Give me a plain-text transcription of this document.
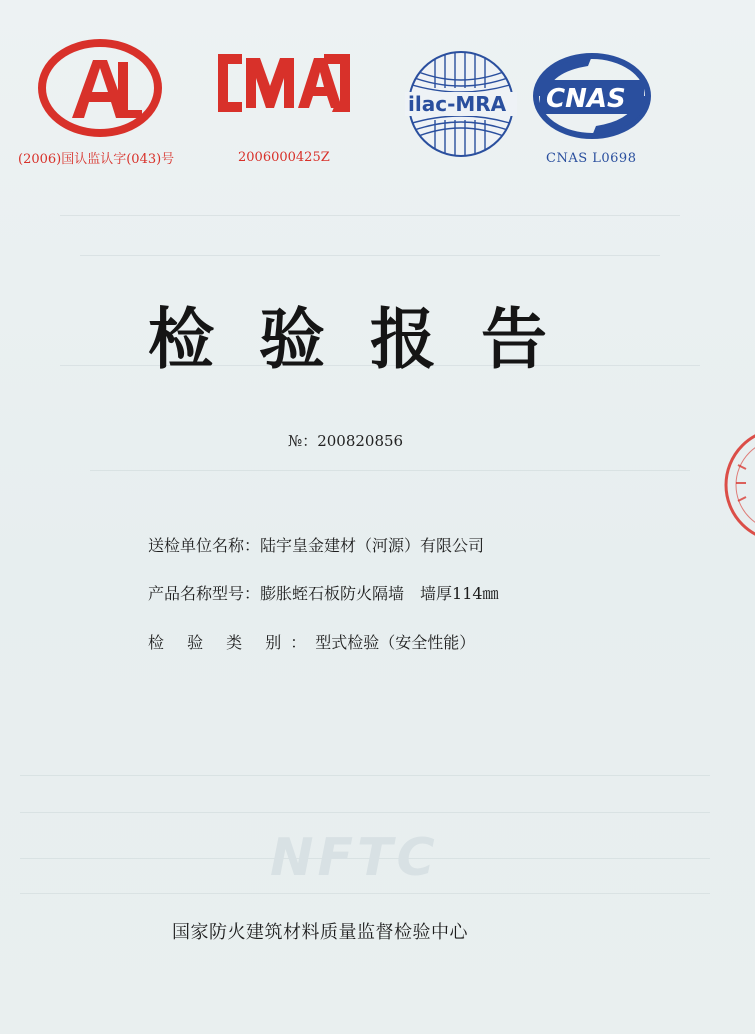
(2006)国认监认字(043)号	2006000425Z
ilac-MRA CNAS
CNAS L0698
检验报告
№：200820856
送检单位名称：陆宇皇金建材（河源）有限公司
产品名称型号：膨胀蛭石板防火隔墙　墙厚114㎜
检 验 类 别：型式检验（安全性能）
NFTC
国家防火建筑材料质量监督检验中心
